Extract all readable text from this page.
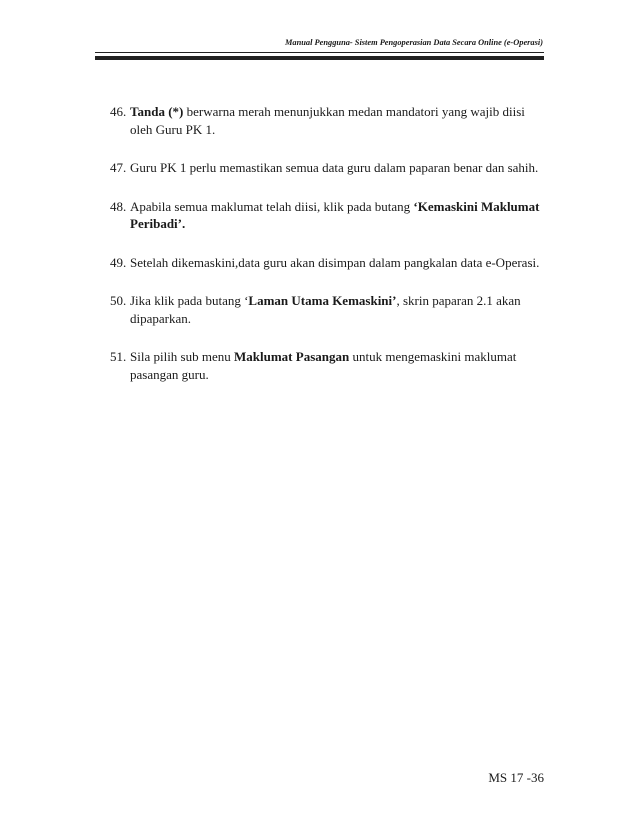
Manual Pengguna- Sistem Pengoperasian Data Secara Online (e-Operasi)
46. Tanda (*) berwarna merah menunjukkan medan mandatori yang wajib diisi oleh Guru PK 1.
47. Guru PK 1 perlu memastikan semua data guru dalam paparan benar dan sahih.
48. Apabila semua maklumat telah diisi, klik pada butang ‘Kemaskini Maklumat Peribadi’.
49. Setelah dikemaskini,data guru akan disimpan dalam pangkalan data e-Operasi.
50. Jika klik pada butang ‘Laman Utama Kemaskini’, skrin paparan 2.1 akan dipaparkan.
51. Sila pilih sub menu Maklumat Pasangan untuk mengemaskini maklumat pasangan guru.
MS 17 -36
